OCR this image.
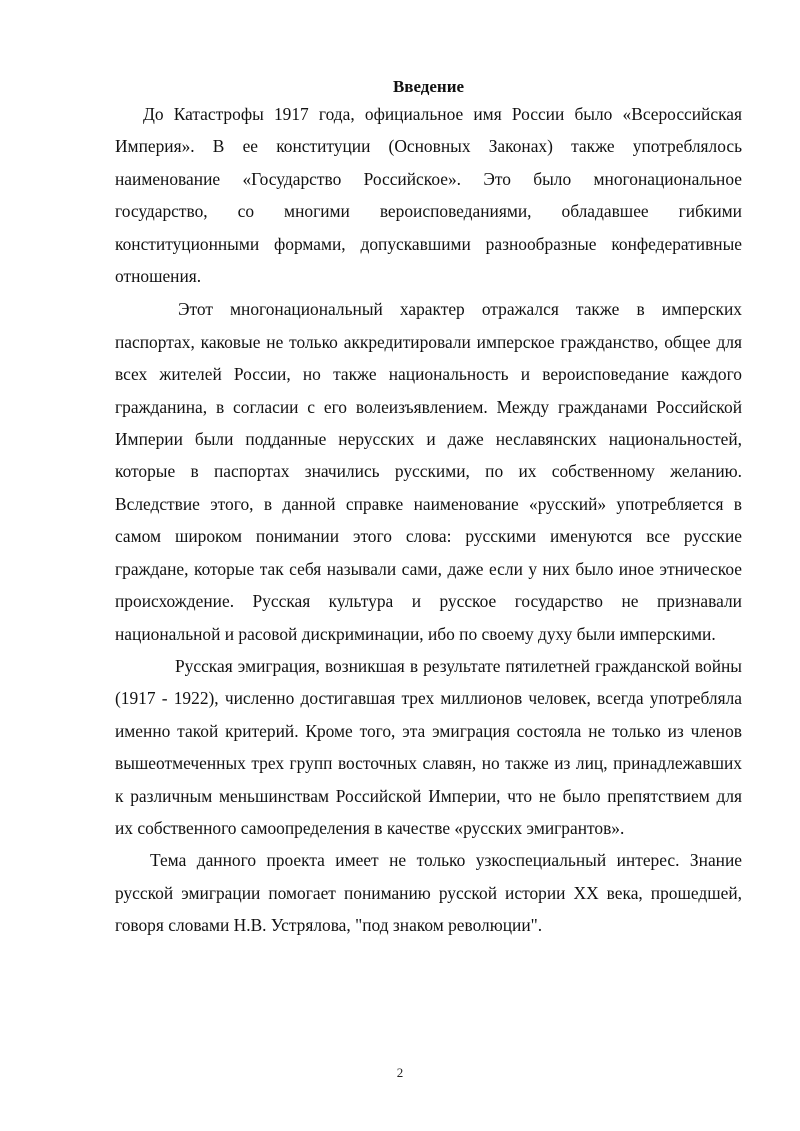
Введение

До Катастрофы 1917 года, официальное имя России было «Всероссийская Империя». В ее конституции (Основных Законах) также употреблялось наименование «Государство Российское». Это было многонациональное государство, со многими вероисповеданиями, обладавшее гибкими конституционными формами, допускавшими разнообразные конфедеративные отношения.

Этот многонациональный характер отражался также в имперских паспортах, каковые не только аккредитировали имперское гражданство, общее для всех жителей России, но также национальность и вероисповедание каждого гражданина, в согласии с его волеизъявлением. Между гражданами Российской Империи были подданные нерусских и даже неславянских национальностей, которые в паспортах значились русскими, по их собственному желанию. Вследствие этого, в данной справке наименование «русский» употребляется в самом широком понимании этого слова: русскими именуются все русские граждане, которые так себя называли сами, даже если у них было иное этническое происхождение. Русская культура и русское государство не признавали национальной и расовой дискриминации, ибо по своему духу были имперскими.

Русская эмиграция, возникшая в результате пятилетней гражданской войны (1917 - 1922), численно достигавшая трех миллионов человек, всегда употребляла именно такой критерий. Кроме того, эта эмиграция состояла не только из членов вышеотмеченных трех групп восточных славян, но также из лиц, принадлежавших к различным меньшинствам Российской Империи, что не было препятствием для их собственного самоопределения в качестве «русских эмигрантов».

Тема данного проекта имеет не только узкоспециальный интерес. Знание русской эмиграции помогает пониманию русской истории XX века, прошедшей, говоря словами Н.В. Устрялова, "под знаком революции".

2
